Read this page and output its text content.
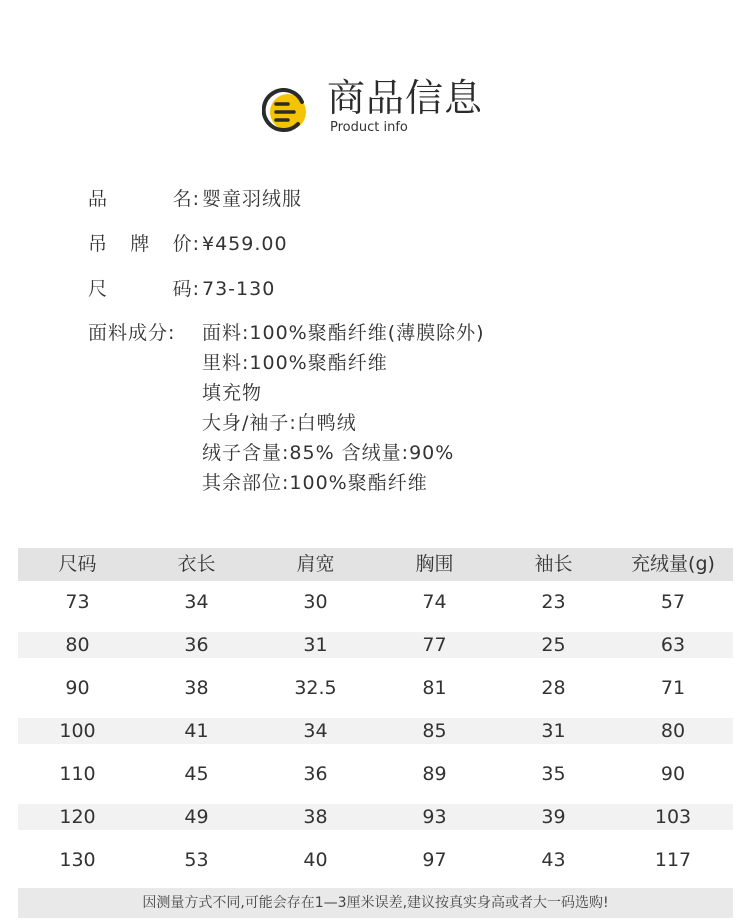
商品信息
Product info
品	名: 婴童羽绒服
吊 牌 价: ¥459.00
尺	码: 73-130
面料成分:	面料:100%聚酯纤维(薄膜除外)
里料:100%聚酯纤维
填充物
大身/袖子:白鸭绒
绒子含量:85% 含绒量:90%
其余部位:100%聚酯纤维
尺码	衣长	肩宽	胸围	袖长	充绒量(g)
73	34	30	74	23	57
80	36	31	77	25	63
90	38	32.5	81	28	71
100	41	34	85	31	80
110	45	36	89	35	90
120	49	38	93	39	103
130	53	40	97	43	117
因测量方式不同,可能会存在1—3厘米误差,建议按真实身高或者大一码选购!
